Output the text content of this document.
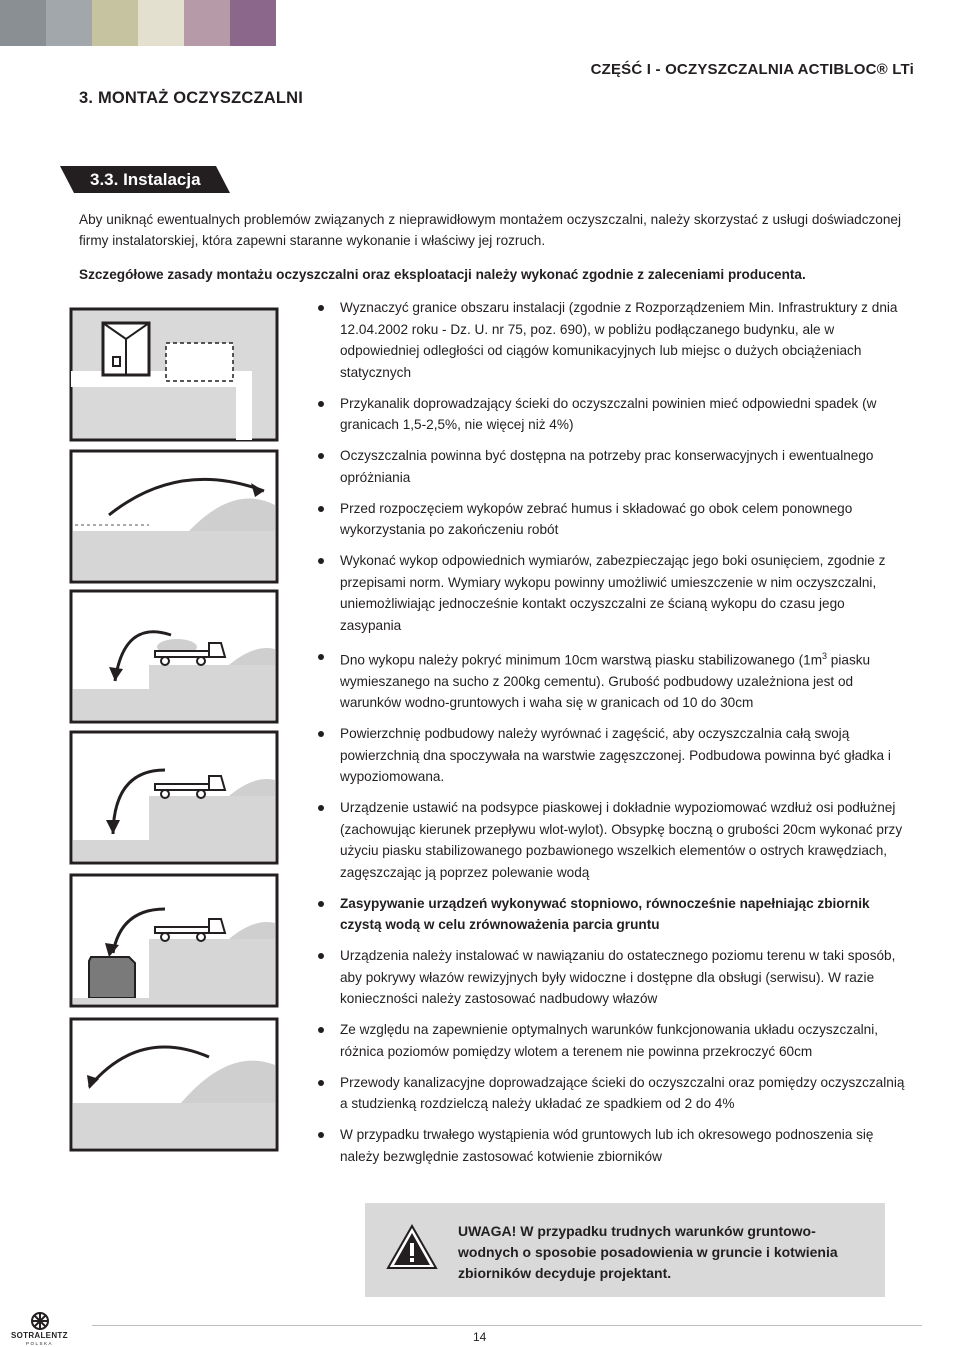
3. MONTAŻ OCZYSZCZALNI
CZĘŚĆ I - OCZYSZCZALNIA ACTIBLOC® LTi
3.3. Instalacja
Aby uniknąć ewentualnych problemów związanych z nieprawidłowym montażem oczyszczalni, należy skorzystać z usługi doświadczonej firmy instalatorskiej, która zapewni staranne wykonanie i właściwy jej rozruch.
Szczegółowe zasady montażu oczyszczalni oraz eksploatacji należy wykonać zgodnie z zaleceniami producenta.
Wyznaczyć granice obszaru instalacji (zgodnie z Rozporządzeniem Min. Infrastruktury z dnia 12.04.2002 roku - Dz. U. nr 75, poz. 690), w pobliżu podłączanego budynku, ale w odpowiedniej odległości od ciągów komunikacyjnych lub miejsc o dużych obciążeniach statycznych
Przykanalik doprowadzający ścieki do oczyszczalni powinien mieć odpowiedni spadek (w granicach 1,5-2,5%, nie więcej niż 4%)
Oczyszczalnia powinna być dostępna na potrzeby prac konserwacyjnych i ewentualnego opróżniania
Przed rozpoczęciem wykopów zebrać humus i składować go obok celem ponownego wykorzystania po zakończeniu robót
Wykonać wykop odpowiednich wymiarów, zabezpieczając jego boki osunięciem, zgodnie z przepisami norm. Wymiary wykopu powinny umożliwić umieszczenie w nim oczyszczalni, uniemożliwiając jednocześnie kontakt oczyszczalni ze ścianą wykopu do czasu jego zasypania
Dno wykopu należy pokryć minimum 10cm warstwą piasku stabilizowanego ($1m^3$ piasku wymieszanego na sucho z 200kg cementu). Grubość podbudowy uzależniona jest od warunków wodno-gruntowych i waha się w granicach od 10 do 30cm
Powierzchnię podbudowy należy wyrównać i zagęścić, aby oczyszczalnia całą swoją powierzchnią dna spoczywała na warstwie zagęszczonej. Podbudowa powinna być gładka i wypoziomowana.
Urządzenie ustawić na podsypce piaskowej i dokładnie wypoziomować wzdłuż osi podłużnej (zachowując kierunek przepływu wlot-wylot). Obsypkę boczną o grubości 20cm wykonać przy użyciu piasku stabilizowanego pozbawionego wszelkich elementów o ostrych krawędziach, zagęszczając ją poprzez polewanie wodą
Zasypywanie urządzeń wykonywać stopniowo, równocześnie napełniając zbiornik czystą wodą w celu zrównoważenia parcia gruntu
Urządzenia należy instalować w nawiązaniu do ostatecznego poziomu terenu w taki sposób, aby pokrywy włazów rewizyjnych były widoczne i dostępne dla obsługi (serwisu). W razie konieczności należy zastosować nadbudowy włazów
Ze względu na zapewnienie optymalnych warunków funkcjonowania układu oczyszczalni, różnica poziomów pomiędzy wlotem a terenem nie powinna przekroczyć 60cm
Przewody kanalizacyjne doprowadzające ścieki do oczyszczalni oraz pomiędzy oczyszczalnią a studzienką rozdzielczą należy układać ze spadkiem od 2 do 4%
W przypadku trwałego wystąpienia wód gruntowych lub ich okresowego podnoszenia się należy bezwględnie zastosować kotwienie zbiorników
UWAGA! W przypadku trudnych warunków gruntowo-wodnych o sposobie posadowienia w gruncie i kotwienia zbiorników decyduje projektant.
SOTRALENTZ
POLSKA	14
